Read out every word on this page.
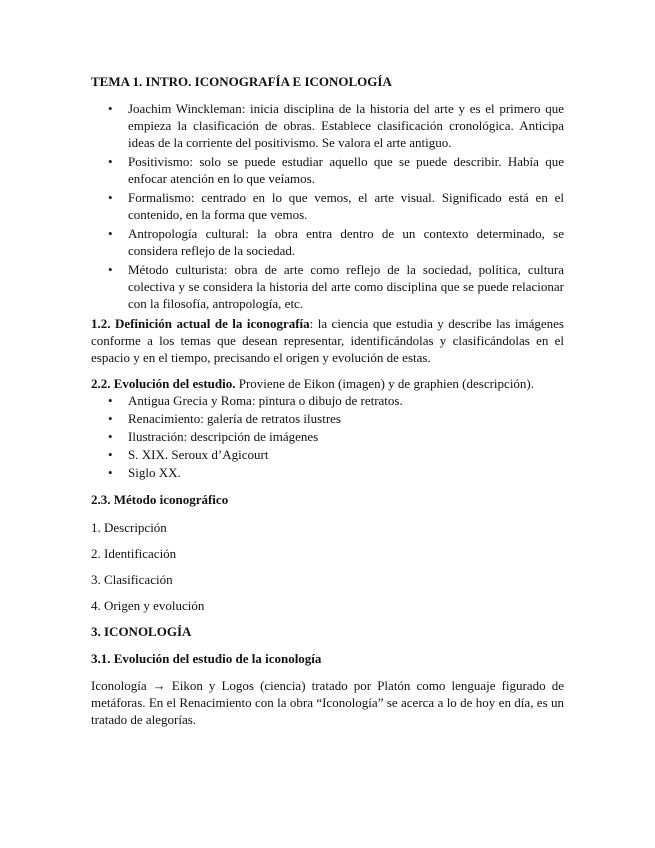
TEMA 1. INTRO. ICONOGRAFÍA E ICONOLOGÍA
• Joachim Winckleman: inicia disciplina de la historia del arte y es el primero que empieza la clasificación de obras. Establece clasificación cronológica. Anticipa ideas de la corriente del positivismo. Se valora el arte antiguo.
• Positivismo: solo se puede estudiar aquello que se puede describir. Había que enfocar atención en lo que veíamos.
• Formalismo: centrado en lo que vemos, el arte visual. Significado está en el contenido, en la forma que vemos.
• Antropología cultural: la obra entra dentro de un contexto determinado, se considera reflejo de la sociedad.
• Método culturista: obra de arte como reflejo de la sociedad, política, cultura colectiva y se considera la historia del arte como disciplina que se puede relacionar con la filosofía, antropología, etc.

1.2. Definición actual de la iconografía: la ciencia que estudia y describe las imágenes conforme a los temas que desean representar, identificándolas y clasificándolas en el espacio y en el tiempo, precisando el origen y evolución de estas.

2.2. Evolución del estudio. Proviene de Eikon (imagen) y de graphien (descripción).

• Antigua Grecia y Roma: pintura o dibujo de retratos.
• Renacimiento: galería de retratos ilustres
• Ilustración: descripción de imágenes
• S. XIX. Seroux d’Agicourt
• Siglo XX.
2.3. Método iconográfico
1. Descripción
2. Identificación
3. Clasificación
4. Origen y evolución
3. ICONOLOGÍA
3.1. Evolución del estudio de la iconología

Iconología → Eikon y Logos (ciencia) tratado por Platón como lenguaje figurado de metáforas. En el Renacimiento con la obra “Iconología” se acerca a lo de hoy en día, es un tratado de alegorías.
